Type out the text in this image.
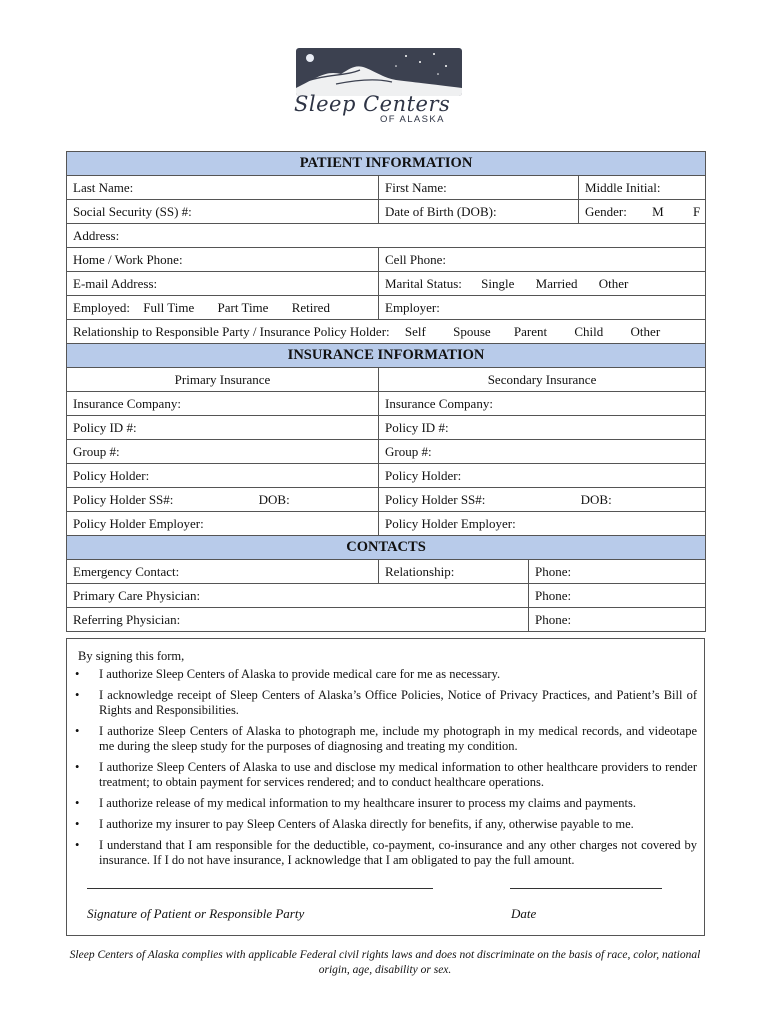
Sleep Centers
OF ALASKA
PATIENT INFORMATION			
Last Name:	First Name:		Middle Initial:
Social Security (SS) #:	Date of Birth (DOB):		Gender: M F
Address:			
Home / Work Phone:	Cell Phone:		
E-mail Address:	Marital Status: Single Married Other		
Employed: Full Time Part Time Retired	Employer:		
Relationship to Responsible Party / Insurance Policy Holder: Self Spouse Parent Child Other			
INSURANCE INFORMATION			
Primary Insurance	Secondary Insurance		
Insurance Company:	Insurance Company:		
Policy ID #:	Policy ID #:		
Group #:	Group #:		
Policy Holder:	Policy Holder:		
Policy Holder SS#: DOB:	Policy Holder SS#: DOB:		
Policy Holder Employer:	Policy Holder Employer:		
CONTACTS			
Emergency Contact:	Relationship:	Phone:	
Primary Care Physician:		Phone:	
Referring Physician:		Phone:	
By signing this form,
• I authorize Sleep Centers of Alaska to provide medical care for me as necessary.
• I acknowledge receipt of Sleep Centers of Alaska’s Office Policies, Notice of Privacy Practices, and Patient’s Bill of Rights and Responsibilities.
• I authorize Sleep Centers of Alaska to photograph me, include my photograph in my medical records, and videotape me during the sleep study for the purposes of diagnosing and treating my condition.
• I authorize Sleep Centers of Alaska to use and disclose my medical information to other healthcare providers to render treatment; to obtain payment for services rendered; and to conduct healthcare operations.
• I authorize release of my medical information to my healthcare insurer to process my claims and payments.
• I authorize my insurer to pay Sleep Centers of Alaska directly for benefits, if any, otherwise payable to me.
• I understand that I am responsible for the deductible, co-payment, co-insurance and any other charges not covered by insurance. If I do not have insurance, I acknowledge that I am obligated to pay the full amount.
Signature of Patient or Responsible Party	Date
Sleep Centers of Alaska complies with applicable Federal civil rights laws and does not discriminate on the basis of race, color, national origin, age, disability or sex.
